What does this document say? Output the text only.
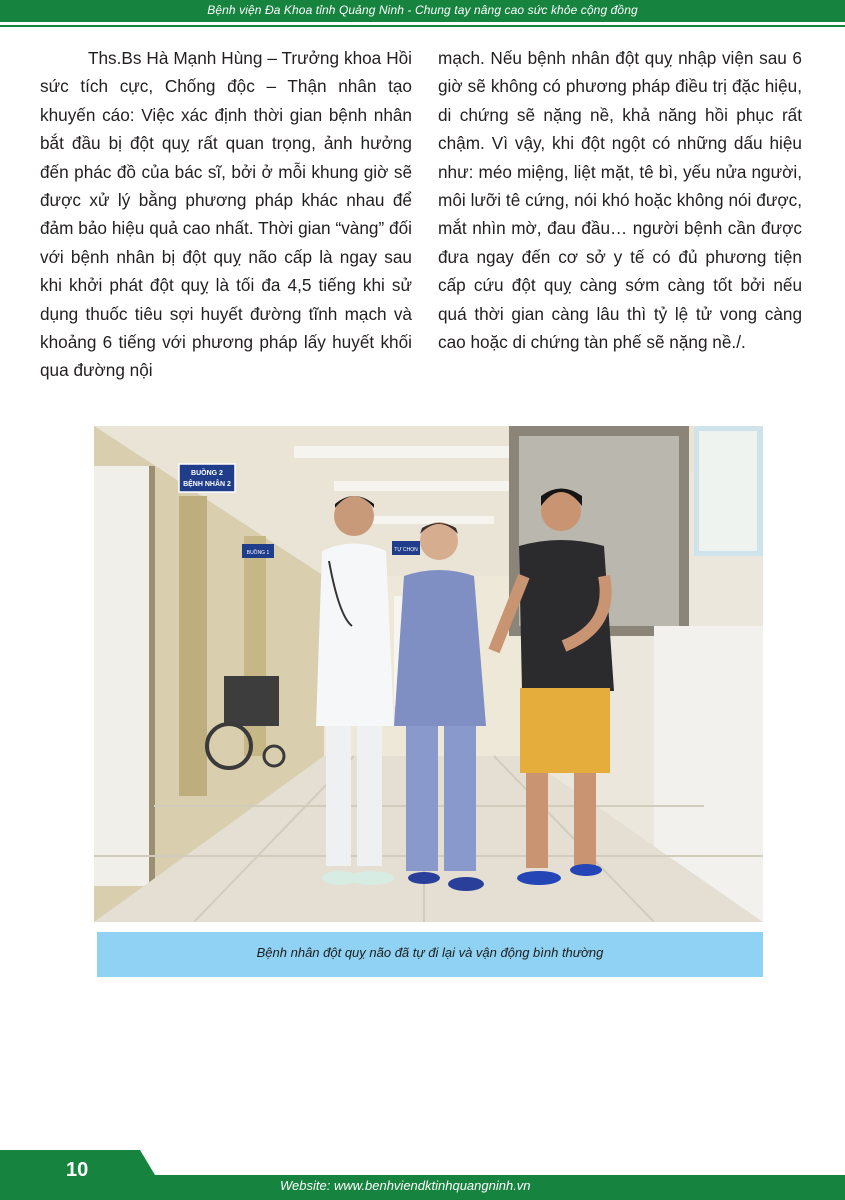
Bệnh viện Đa Khoa tỉnh Quảng Ninh - Chung tay nâng cao sức khỏe cộng đồng

Ths.Bs Hà Mạnh Hùng – Trưởng khoa Hồi sức tích cực, Chống độc – Thận nhân tạo khuyến cáo: Việc xác định thời gian bệnh nhân bắt đầu bị đột quỵ rất quan trọng, ảnh hưởng đến phác đồ của bác sĩ, bởi ở mỗi khung giờ sẽ được xử lý bằng phương pháp khác nhau để đảm bảo hiệu quả cao nhất. Thời gian “vàng” đối với bệnh nhân bị đột quỵ não cấp là ngay sau khi khởi phát đột quỵ là tối đa 4,5 tiếng khi sử dụng thuốc tiêu sợi huyết đường tĩnh mạch và khoảng 6 tiếng với phương pháp lấy huyết khối qua đường nội

mạch. Nếu bệnh nhân đột quỵ nhập viện sau 6 giờ sẽ không có phương pháp điều trị đặc hiệu, di chứng sẽ nặng nề, khả năng hồi phục rất chậm. Vì vậy, khi đột ngột có những dấu hiệu như: méo miệng, liệt mặt, tê bì, yếu nửa người, môi lưỡi tê cứng, nói khó hoặc không nói được, mắt nhìn mờ, đau đầu… người bệnh cần được đưa ngay đến cơ sở y tế có đủ phương tiện cấp cứu đột quỵ càng sớm càng tốt bởi nếu quá thời gian càng lâu thì tỷ lệ tử vong càng cao hoặc di chứng tàn phế sẽ nặng nề./.

BUỒNG 2
BỆNH NHÂN 2
BUỒNG 1	TỰ CHỌN
Bệnh nhân đột quỵ não đã tự đi lại và vận động bình thường
10
Website: www.benhviendktinhquangninh.vn
